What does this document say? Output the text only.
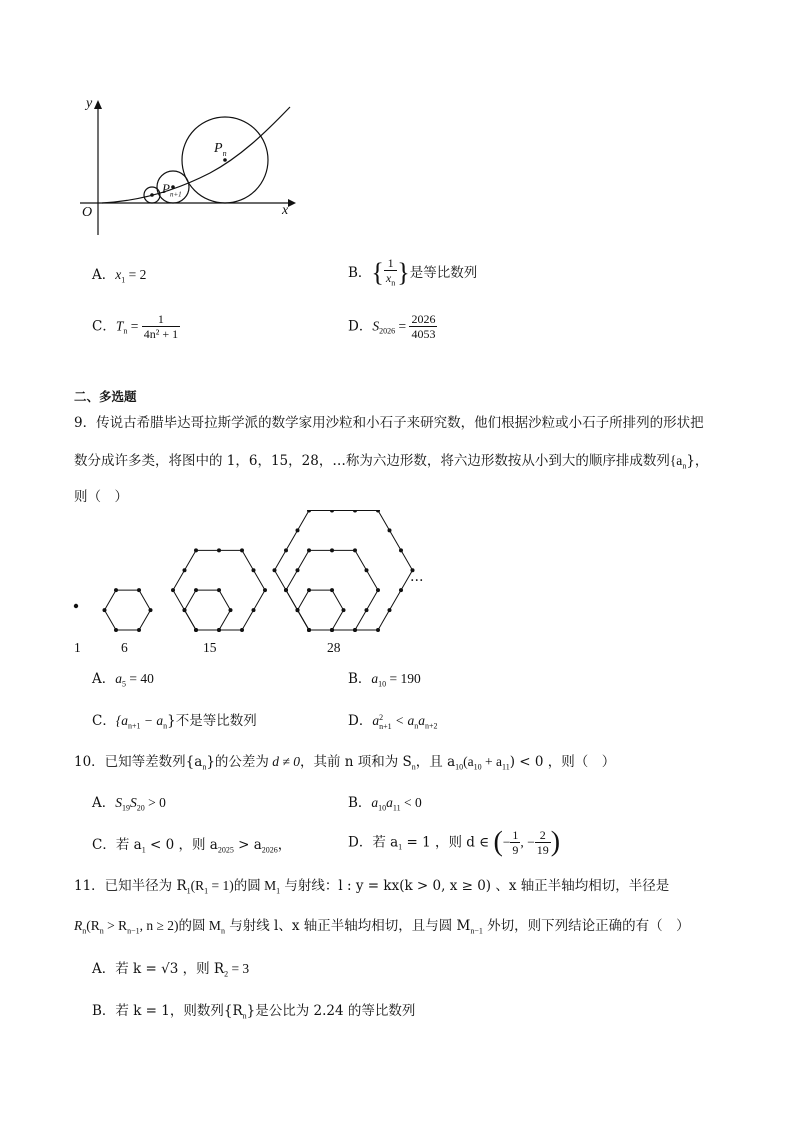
y
x
O
$P_n$
$P_{n+1}$
A．$x_1 = 2$	B．{ $\frac{1}{x_n}$ }是等比数列
C．$T_n = \frac{1}{\text{4n² + 1}}$	D．$S_{2026} = \frac{2026}{4053}$
二、多选题
9．传说古希腊毕达哥拉斯学派的数学家用沙粒和小石子来研究数，他们根据沙粒或小石子所排列的形状把
数分成许多类，将图中的 1，6，15，28，…称为六边形数，将六边形数按从小到大的顺序排成数列$\{a_n\}$，
则（　）
1	6	15	28
…
A．$a_5 = 40$	B．$a_{10} = 190$
C．$\{a_{n+1} - a_n\}$不是等比数列	D．a 2
$n+1 < a_na_{n+2}$
10．已知等差数列$\{a_n\}$的公差为 d ≠ 0，其前 n 项和为 $S_n$，且 $a_{10}(a_{10} + a_{11}) < 0$ ，则（　）
A．$S_{19}S_{20} > 0$	B．$a_{10}a_{11} < 0$
C．若 $a_1 < 0$ ，则 $a_{2025} > a_{2026}$，	D．若 $a_1 = 1$ ，则 d ∈ (− $\frac{1}{9}$ , − $\frac{2}{19}$ )
11．已知半径为 $R_1(R_1 = 1)$的圆 $M_1$ 与射线：l : y = kx(k > 0, x ≥ 0) 、x 轴正半轴均相切，半径是
$R_n(R_n > R_{n-1}$, n ≥ 2)的圆 $M_n$ 与射线 l、x 轴正半轴均相切，且与圆 $M_{n-1}$ 外切，则下列结论正确的有（　）
A．若 k = √3 ，则 $R_2 = 3$
B．若 k = 1，则数列$\{R_n\}$是公比为 2.24 的等比数列
